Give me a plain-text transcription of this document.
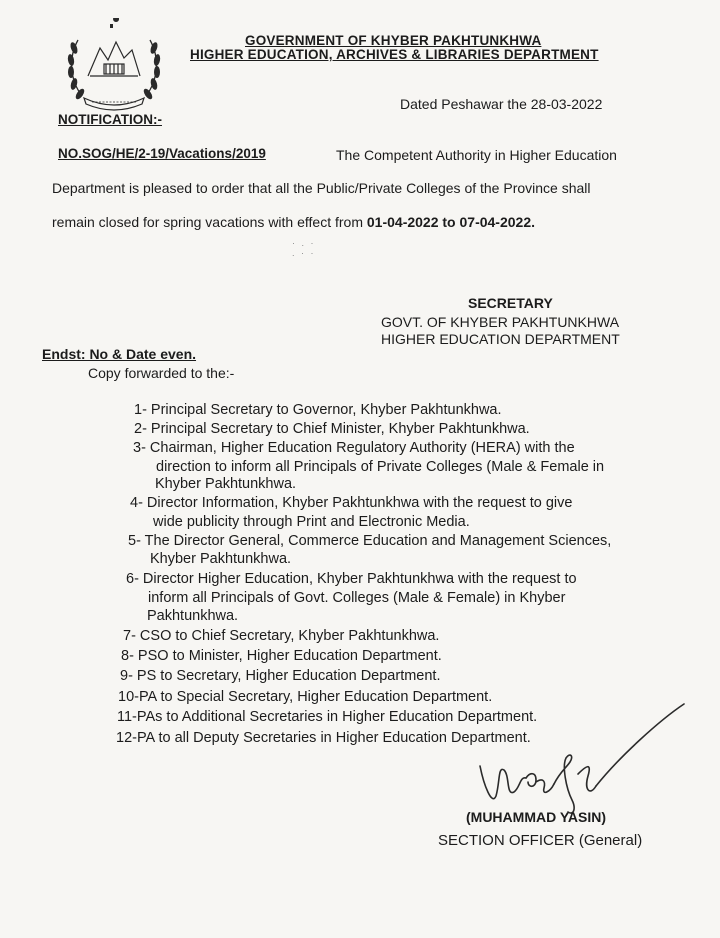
GOVERNMENT OF KHYBER PAKHTUNKHWA
HIGHER EDUCATION, ARCHIVES & LIBRARIES DEPARTMENT
Dated Peshawar the 28-03-2022
NOTIFICATION:-
NO.SOG/HE/2-19/Vacations/2019	The Competent Authority in Higher Education
Department is pleased to order that all the Public/Private Colleges of the Province shall
remain closed for spring vacations with effect from 01-04-2022 to 07-04-2022.
· . ·
. · ·
SECRETARY
GOVT. OF KHYBER PAKHTUNKHWA
HIGHER EDUCATION DEPARTMENT
Endst: No & Date even.
Copy forwarded to the:-
1- Principal Secretary to Governor, Khyber Pakhtunkhwa.
2- Principal Secretary to Chief Minister, Khyber Pakhtunkhwa.
3- Chairman, Higher Education Regulatory Authority (HERA) with the
direction to inform all Principals of Private Colleges (Male & Female in
Khyber Pakhtunkhwa.
4- Director Information, Khyber Pakhtunkhwa with the request to give
wide publicity through Print and Electronic Media.
5- The Director General, Commerce Education and Management Sciences,
Khyber Pakhtunkhwa.
6- Director Higher Education, Khyber Pakhtunkhwa with the request to
inform all Principals of Govt. Colleges (Male & Female) in Khyber
Pakhtunkhwa.
7- CSO to Chief Secretary, Khyber Pakhtunkhwa.
8- PSO to Minister, Higher Education Department.
9- PS to Secretary, Higher Education Department.
10-PA to Special Secretary, Higher Education Department.
11-PAs to Additional Secretaries in Higher Education Department.
12-PA to all Deputy Secretaries in Higher Education Department.
(MUHAMMAD YASIN)
SECTION OFFICER (General)
